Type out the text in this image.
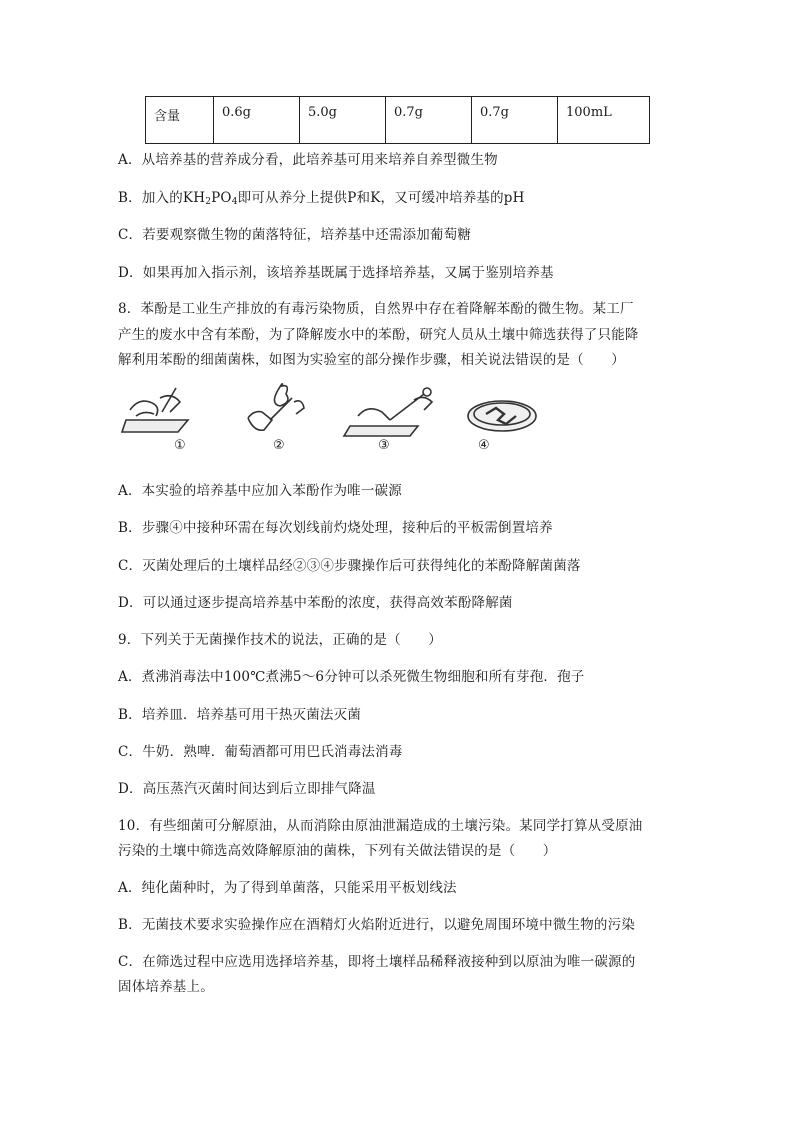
含量	0.6g	5.0g	0.7g	0.7g	100mL
A．从培养基的营养成分看，此培养基可用来培养自养型微生物
B．加入的$KH_2PO_4$即可从养分上提供P和K，又可缓冲培养基的pH
C．若要观察微生物的菌落特征，培养基中还需添加葡萄糖
D．如果再加入指示剂，该培养基既属于选择培养基，又属于鉴别培养基
8．苯酚是工业生产排放的有毒污染物质，自然界中存在着降解苯酚的微生物。某工厂
产生的废水中含有苯酚，为了降解废水中的苯酚，研究人员从土壤中筛选获得了只能降
解利用苯酚的细菌菌株，如图为实验室的部分操作步骤，相关说法错误的是（　　）
①	②	③	④
A．本实验的培养基中应加入苯酚作为唯一碳源
B．步骤④中接种环需在每次划线前灼烧处理，接种后的平板需倒置培养
C．灭菌处理后的土壤样品经②③④步骤操作后可获得纯化的苯酚降解菌菌落
D．可以通过逐步提高培养基中苯酚的浓度，获得高效苯酚降解菌
9．下列关于无菌操作技术的说法，正确的是（　　）
A．煮沸消毒法中100℃煮沸5～6分钟可以杀死微生物细胞和所有芽孢．孢子
B．培养皿．培养基可用干热灭菌法灭菌
C．牛奶．熟啤．葡萄酒都可用巴氏消毒法消毒
D．高压蒸汽灭菌时间达到后立即排气降温
10．有些细菌可分解原油，从而消除由原油泄漏造成的土壤污染。某同学打算从受原油
污染的土壤中筛选高效降解原油的菌株，下列有关做法错误的是（　　）
A．纯化菌种时，为了得到单菌落，只能采用平板划线法
B．无菌技术要求实验操作应在酒精灯火焰附近进行，以避免周围环境中微生物的污染
C．在筛选过程中应选用选择培养基，即将土壤样品稀释液接种到以原油为唯一碳源的
固体培养基上。
